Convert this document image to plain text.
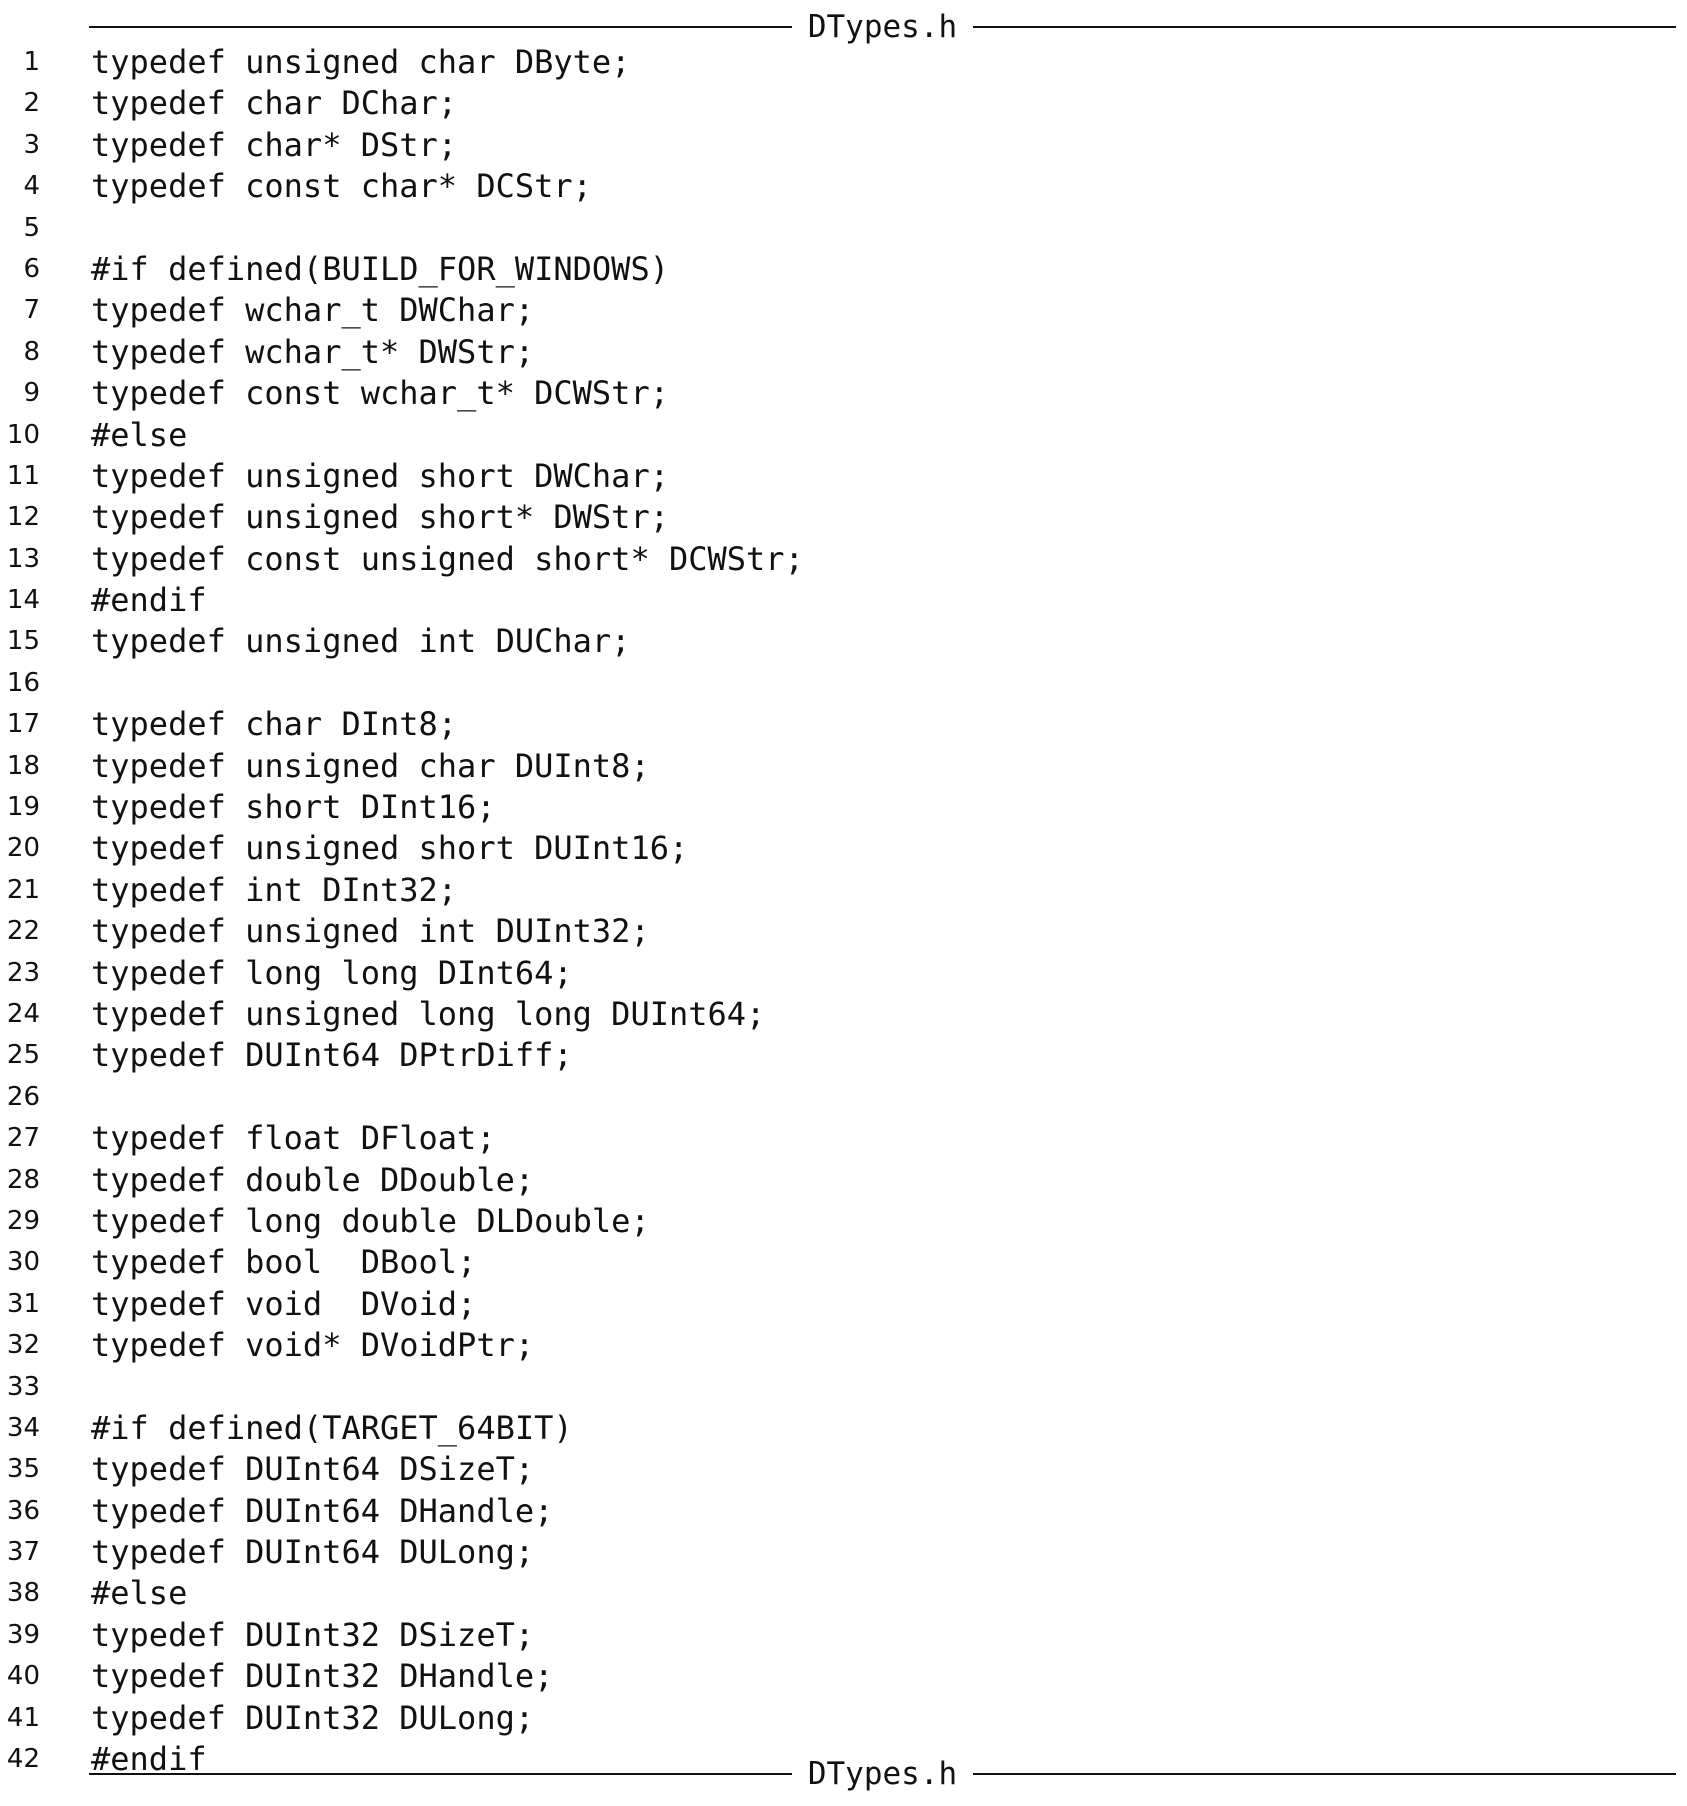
DTypes.h
1 typedef unsigned char DByte;
2 typedef char DChar;
3 typedef char* DStr;
4 typedef const char* DCStr;
5
6 #if defined(BUILD_FOR_WINDOWS)
7 typedef wchar_t DWChar;
8 typedef wchar_t* DWStr;
9 typedef const wchar_t* DCWStr;
10 #else
11 typedef unsigned short DWChar;
12 typedef unsigned short* DWStr;
13 typedef const unsigned short* DCWStr;
14 #endif
15 typedef unsigned int DUChar;
16
17 typedef char DInt8;
18 typedef unsigned char DUInt8;
19 typedef short DInt16;
20 typedef unsigned short DUInt16;
21 typedef int DInt32;
22 typedef unsigned int DUInt32;
23 typedef long long DInt64;
24 typedef unsigned long long DUInt64;
25 typedef DUInt64 DPtrDiff;
26
27 typedef float DFloat;
28 typedef double DDouble;
29 typedef long double DLDouble;
30 typedef bool  DBool;
31 typedef void  DVoid;
32 typedef void* DVoidPtr;
33
34 #if defined(TARGET_64BIT)
35 typedef DUInt64 DSizeT;
36 typedef DUInt64 DHandle;
37 typedef DUInt64 DULong;
38 #else
39 typedef DUInt32 DSizeT;
40 typedef DUInt32 DHandle;
41 typedef DUInt32 DULong;
42 #endif	DTypes.h
